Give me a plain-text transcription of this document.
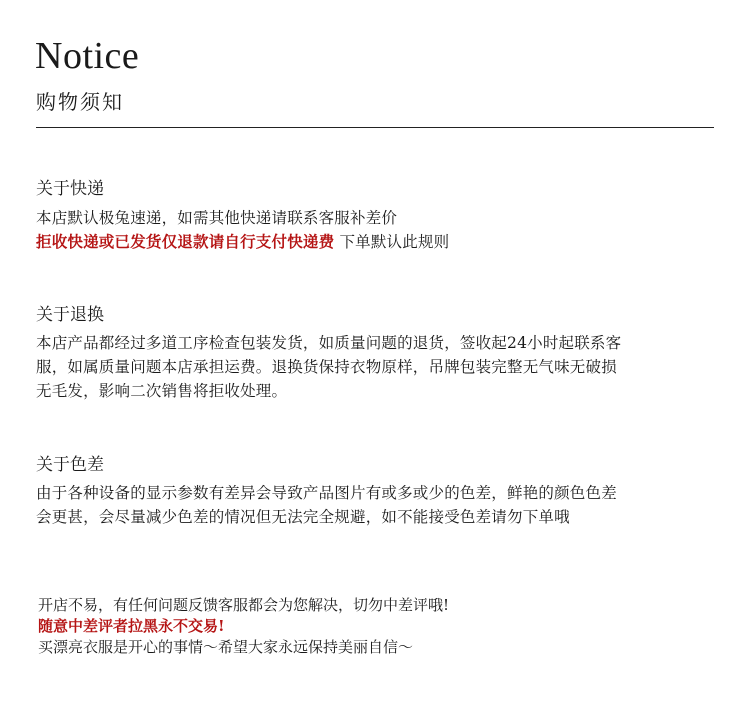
Notice
购物须知
关于快递
本店默认极兔速递，如需其他快递请联系客服补差价
拒收快递或已发货仅退款请自行支付快递费 下单默认此规则
关于退换
本店产品都经过多道工序检查包装发货，如质量问题的退货，签收起24小时起联系客
服，如属质量问题本店承担运费。退换货保持衣物原样，吊牌包装完整无气味无破损
无毛发，影响二次销售将拒收处理。
关于色差
由于各种设备的显示参数有差异会导致产品图片有或多或少的色差，鲜艳的颜色色差
会更甚，会尽量减少色差的情况但无法完全规避，如不能接受色差请勿下单哦
开店不易，有任何问题反馈客服都会为您解决，切勿中差评哦!
随意中差评者拉黑永不交易!
买漂亮衣服是开心的事情～希望大家永远保持美丽自信～
